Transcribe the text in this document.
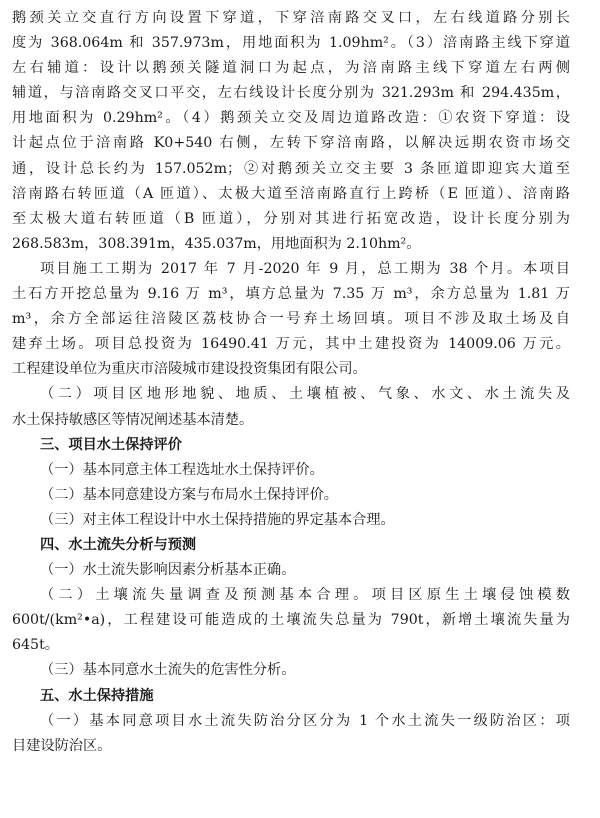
鹅颈关立交直行方向设置下穿道，下穿涪南路交叉口，左右线道路分别长
度为 368.064m 和 357.973m，用地面积为 1.09hm²。（3）涪南路主线下穿道
左右辅道：设计以鹅颈关隧道洞口为起点，为涪南路主线下穿道左右两侧
辅道，与涪南路交叉口平交，左右线设计长度分别为 321.293m 和 294.435m，
用地面积为 0.29hm²。（4）鹅颈关立交及周边道路改造：①农资下穿道：设
计起点位于涪南路 K0+540 右侧，左转下穿涪南路，以解决远期农资市场交
通，设计总长约为 157.052m；②对鹅颈关立交主要 3 条匝道即迎宾大道至
涪南路右转匝道（A 匝道）、太极大道至涪南路直行上跨桥（E 匝道）、涪南路
至太极大道右转匝道（B 匝道），分别对其进行拓宽改造，设计长度分别为
268.583m，308.391m，435.037m，用地面积为 2.10hm²。
项目施工工期为 2017 年 7 月-2020 年 9 月，总工期为 38 个月。本项目
土石方开挖总量为 9.16 万 m³，填方总量为 7.35 万 m³，余方总量为 1.81 万
m³，余方全部运往涪陵区荔枝协合一号弃土场回填。项目不涉及取土场及自
建弃土场。项目总投资为 16490.41 万元，其中土建投资为 14009.06 万元。
工程建设单位为重庆市涪陵城市建设投资集团有限公司。
（二）项目区地形地貌、地质、土壤植被、气象、水文、水土流失及
水土保持敏感区等情况阐述基本清楚。
三、项目水土保持评价
（一）基本同意主体工程选址水土保持评价。
（二）基本同意建设方案与布局水土保持评价。
（三）对主体工程设计中水土保持措施的界定基本合理。
四、水土流失分析与预测
（一）水土流失影响因素分析基本正确。
（二）土壤流失量调查及预测基本合理。项目区原生土壤侵蚀模数
600t/(km²•a)，工程建设可能造成的土壤流失总量为 790t，新增土壤流失量为
645t。
（三）基本同意水土流失的危害性分析。
五、水土保持措施
（一）基本同意项目水土流失防治分区分为 1 个水土流失一级防治区：项
目建设防治区。
